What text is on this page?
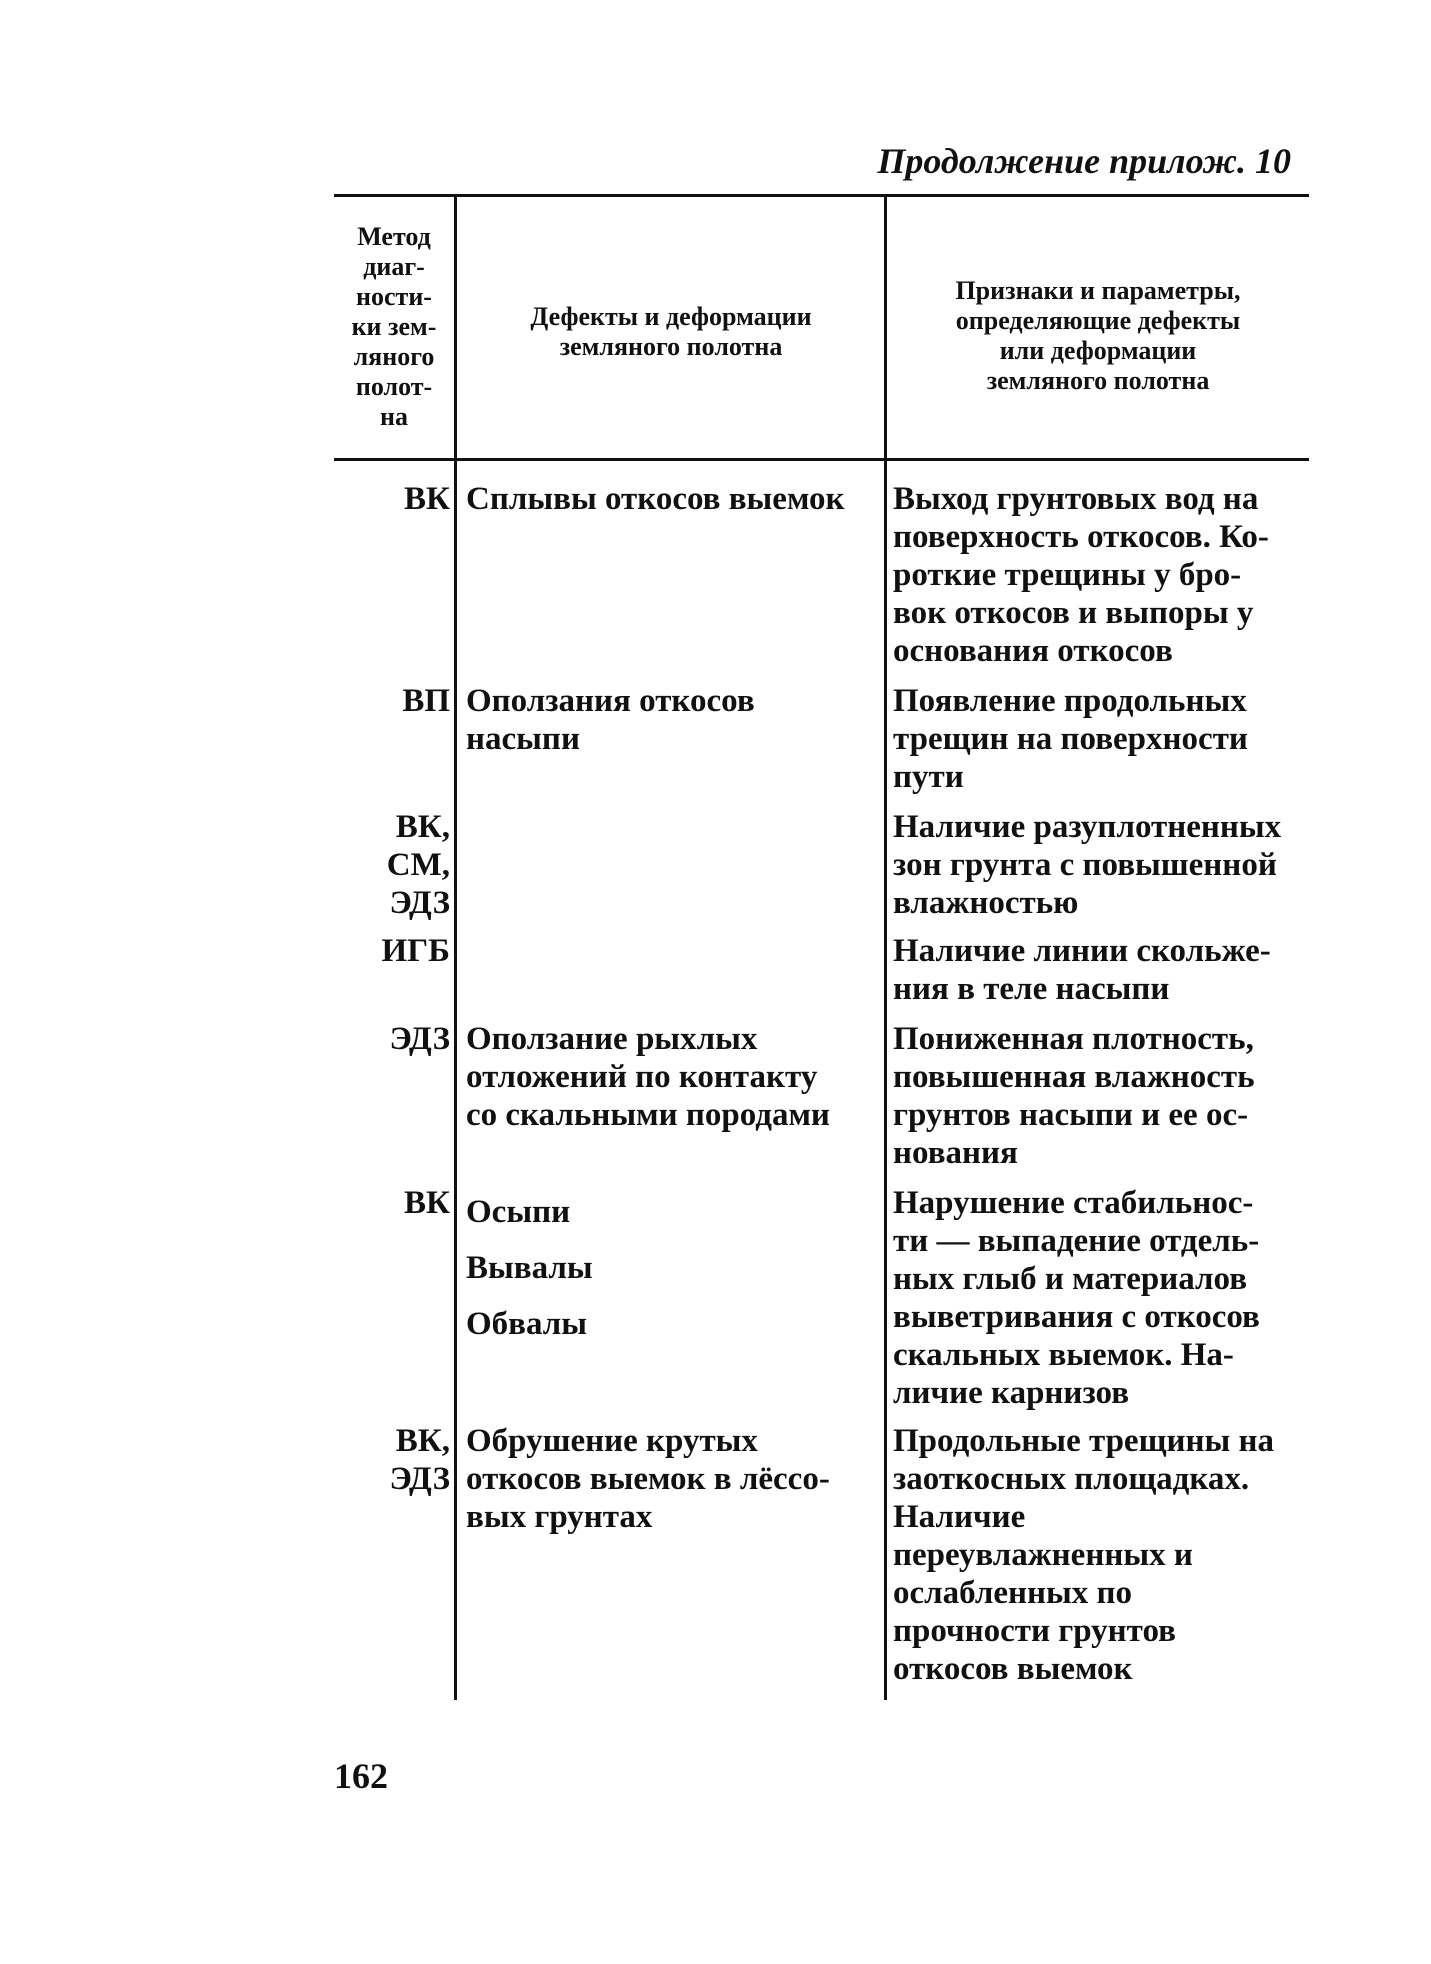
Продолжение прилож. 10
Метод
диаг-
ности-
ки зем-
ляного
полот-
на
Дефекты и деформации
земляного полотна
Признаки и параметры,
определяющие дефекты
или деформации
земляного полотна
ВК Сплывы откосов выемок	Выход грунтовых вод на
поверхность откосов. Ко-
роткие трещины у бро-
вок откосов и выпоры у
основания откосов
ВП Оползания откосов
насыпи
Появление продольных
трещин на поверхности
пути
ВК,
СМ,
ЭДЗ
Наличие разуплотненных
зон грунта с повышенной
влажностью
ИГБ	Наличие линии скольже-
ния в теле насыпи
ЭДЗ Оползание рыхлых
отложений по контакту
со скальными породами
Пониженная плотность,
повышенная влажность
грунтов насыпи и ее ос-
нования
ВК Осыпи
Вывалы
Обвалы
Нарушение стабильнос-
ти — выпадение отдель-
ных глыб и материалов
выветривания с откосов
скальных выемок. На-
личие карнизов
ВК,
ЭДЗ
Обрушение крутых
откосов выемок в лёссо-
вых грунтах
Продольные трещины на
заоткосных площадках.
Наличие
переувлажненных и
ослабленных по
прочности грунтов
откосов выемок
162
